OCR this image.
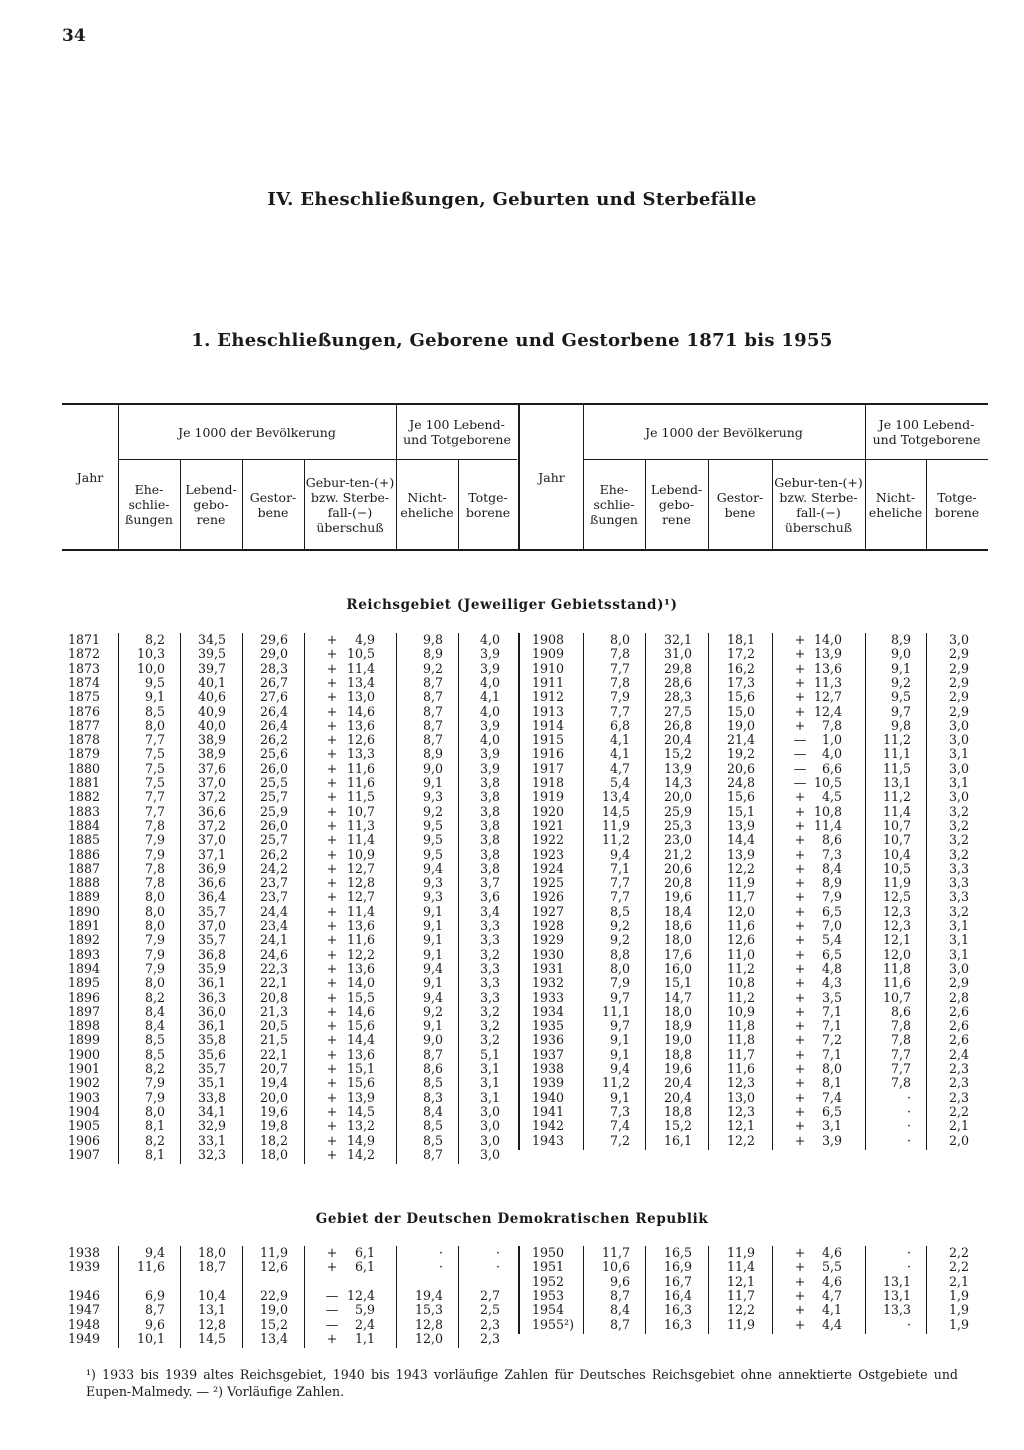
34
IV. Eheschließungen, Geburten und Sterbefälle
1. Eheschließungen, Geborene und Gestorbene 1871 bis 1955
Jahr
Je 1000 der Bevölkerung	Je 100 Lebend- und Totgeborene
Ehe-schlie-ßungen
Lebend-gebo-rene
Gestor-bene
Gebur-ten-(+) bzw. Sterbe-fall-(−) überschuß
Nicht-eheliche
Totge-borene
Jahr
Je 1000 der Bevölkerung	Je 100 Lebend- und Totgeborene
Ehe-schlie-ßungen
Lebend-gebo-rene
Gestor-bene
Gebur-ten-(+) bzw. Sterbe-fall-(−) überschuß
Nicht-eheliche
Totge-borene
Reichsgebiet (Jeweiliger Gebietsstand)¹)
1871	8,2	34,5	29,6	+	4,9	9,8	4,0
1872	10,3	39,5	29,0	+ 10,5	8,9	3,9
1873	10,0	39,7	28,3	+ 11,4	9,2	3,9
1874	9,5	40,1	26,7	+ 13,4	8,7	4,0
1875	9,1	40,6	27,6	+ 13,0	8,7	4,1
1876	8,5	40,9	26,4	+ 14,6	8,7	4,0
1877	8,0	40,0	26,4	+ 13,6	8,7	3,9
1878	7,7	38,9	26,2	+ 12,6	8,7	4,0
1879	7,5	38,9	25,6	+ 13,3	8,9	3,9
1880	7,5	37,6	26,0	+ 11,6	9,0	3,9
1881	7,5	37,0	25,5	+ 11,6	9,1	3,8
1882	7,7	37,2	25,7	+ 11,5	9,3	3,8
1883	7,7	36,6	25,9	+ 10,7	9,2	3,8
1884	7,8	37,2	26,0	+ 11,3	9,5	3,8
1885	7,9	37,0	25,7	+ 11,4	9,5	3,8
1886	7,9	37,1	26,2	+ 10,9	9,5	3,8
1887	7,8	36,9	24,2	+ 12,7	9,4	3,8
1888	7,8	36,6	23,7	+ 12,8	9,3	3,7
1889	8,0	36,4	23,7	+ 12,7	9,3	3,6
1890	8,0	35,7	24,4	+ 11,4	9,1	3,4
1891	8,0	37,0	23,4	+ 13,6	9,1	3,3
1892	7,9	35,7	24,1	+ 11,6	9,1	3,3
1893	7,9	36,8	24,6	+ 12,2	9,1	3,2
1894	7,9	35,9	22,3	+ 13,6	9,4	3,3
1895	8,0	36,1	22,1	+ 14,0	9,1	3,3
1896	8,2	36,3	20,8	+ 15,5	9,4	3,3
1897	8,4	36,0	21,3	+ 14,6	9,2	3,2
1898	8,4	36,1	20,5	+ 15,6	9,1	3,2
1899	8,5	35,8	21,5	+ 14,4	9,0	3,2
1900	8,5	35,6	22,1	+ 13,6	8,7	5,1
1901	8,2	35,7	20,7	+ 15,1	8,6	3,1
1902	7,9	35,1	19,4	+ 15,6	8,5	3,1
1903	7,9	33,8	20,0	+ 13,9	8,3	3,1
1904	8,0	34,1	19,6	+ 14,5	8,4	3,0
1905	8,1	32,9	19,8	+ 13,2	8,5	3,0
1906	8,2	33,1	18,2	+ 14,9	8,5	3,0
1907	8,1	32,3	18,0	+ 14,2	8,7	3,0
1908	8,0	32,1	18,1	+ 14,0	8,9	3,0
1909	7,8	31,0	17,2	+ 13,9	9,0	2,9
1910	7,7	29,8	16,2	+ 13,6	9,1	2,9
1911	7,8	28,6	17,3	+ 11,3	9,2	2,9
1912	7,9	28,3	15,6	+ 12,7	9,5	2,9
1913	7,7	27,5	15,0	+ 12,4	9,7	2,9
1914	6,8	26,8	19,0	+	7,8	9,8	3,0
1915	4,1	20,4	21,4	—	1,0	11,2	3,0
1916	4,1	15,2	19,2	—	4,0	11,1	3,1
1917	4,7	13,9	20,6	—	6,6	11,5	3,0
1918	5,4	14,3	24,8	— 10,5	13,1	3,1
1919	13,4	20,0	15,6	+	4,5	11,2	3,0
1920	14,5	25,9	15,1	+ 10,8	11,4	3,2
1921	11,9	25,3	13,9	+ 11,4	10,7	3,2
1922	11,2	23,0	14,4	+	8,6	10,7	3,2
1923	9,4	21,2	13,9	+	7,3	10,4	3,2
1924	7,1	20,6	12,2	+	8,4	10,5	3,3
1925	7,7	20,8	11,9	+	8,9	11,9	3,3
1926	7,7	19,6	11,7	+	7,9	12,5	3,3
1927	8,5	18,4	12,0	+	6,5	12,3	3,2
1928	9,2	18,6	11,6	+	7,0	12,3	3,1
1929	9,2	18,0	12,6	+	5,4	12,1	3,1
1930	8,8	17,6	11,0	+	6,5	12,0	3,1
1931	8,0	16,0	11,2	+	4,8	11,8	3,0
1932	7,9	15,1	10,8	+	4,3	11,6	2,9
1933	9,7	14,7	11,2	+	3,5	10,7	2,8
1934	11,1	18,0	10,9	+	7,1	8,6	2,6
1935	9,7	18,9	11,8	+	7,1	7,8	2,6
1936	9,1	19,0	11,8	+	7,2	7,8	2,6
1937	9,1	18,8	11,7	+	7,1	7,7	2,4
1938	9,4	19,6	11,6	+	8,0	7,7	2,3
1939	11,2	20,4	12,3	+	8,1	7,8	2,3
1940	9,1	20,4	13,0	+	7,4	·	2,3
1941	7,3	18,8	12,3	+	6,5	·	2,2
1942	7,4	15,2	12,1	+	3,1	·	2,1
1943	7,2	16,1	12,2	+	3,9	·	2,0
Gebiet der Deutschen Demokratischen Republik
1938	9,4	18,0	11,9	+	6,1	·	·
1939	11,6	18,7	12,6	+	6,1	·	·
1946	6,9	10,4	22,9	— 12,4	19,4	2,7
1947	8,7	13,1	19,0	—	5,9	15,3	2,5
1948	9,6	12,8	15,2	—	2,4	12,8	2,3
1949	10,1	14,5	13,4	+	1,1	12,0	2,3
1950	11,7	16,5	11,9	+	4,6	·	2,2
1951	10,6	16,9	11,4	+	5,5	·	2,2
1952	9,6	16,7	12,1	+	4,6	13,1	2,1
1953	8,7	16,4	11,7	+	4,7	13,1	1,9
1954	8,4	16,3	12,2	+	4,1	13,3	1,9
1955²)	8,7	16,3	11,9	+	4,4	·	1,9
¹) 1933 bis 1939 altes Reichsgebiet, 1940 bis 1943 vorläufige Zahlen für Deutsches Reichsgebiet ohne annektierte Ostgebiete und Eupen-Malmedy. — ²) Vorläufige Zahlen.
